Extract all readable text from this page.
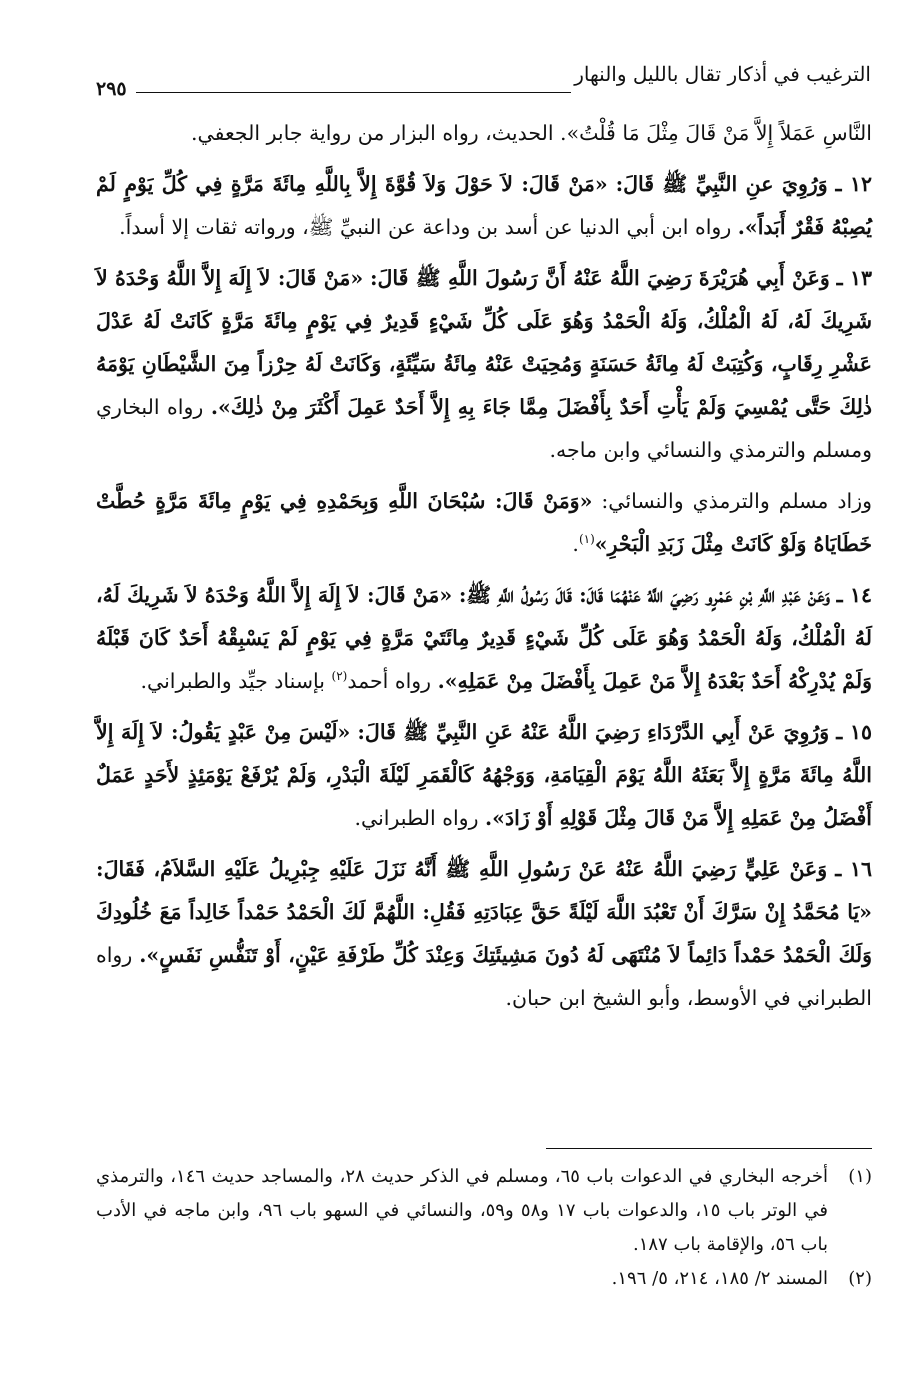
الترغيب في أذكار تقال بالليل والنهار
٢٩٥

النَّاسِ عَمَلاً إِلاَّ مَنْ قَالَ مِثْلَ مَا قُلْتُ». الحديث، رواه البزار من رواية جابر الجعفي.

١٢ ـ وَرُوِيَ عنِ النَّبِيِّ ﷺ قَالَ: «مَنْ قَالَ: لاَ حَوْلَ وَلاَ قُوَّةَ إِلاَّ بِاللَّهِ مِائَةَ مَرَّةٍ فِي كُلِّ يَوْمٍ لَمْ يُصِبْهُ فَقْرٌ أَبَداً». رواه ابن أبي الدنيا عن أسد بن وداعة عن النبيِّ ﷺ، ورواته ثقات إلا أسداً.

١٣ ـ وَعَنْ أَبِي هُرَيْرَةَ رَضِيَ اللَّهُ عَنْهُ أَنَّ رَسُولَ اللَّهِ ﷺ قَالَ: «مَنْ قَالَ: لاَ إِلَهَ إِلاَّ اللَّهُ وَحْدَهُ لاَ شَرِيكَ لَهُ، لَهُ الْمُلْكُ، وَلَهُ الْحَمْدُ وَهُوَ عَلَى كُلِّ شَيْءٍ قَدِيرٌ فِي يَوْمٍ مِائَةَ مَرَّةٍ كَانَتْ لَهُ عَدْلَ عَشْرِ رِقَابٍ، وَكُتِبَتْ لَهُ مِائَةُ حَسَنَةٍ وَمُحِيَتْ عَنْهُ مِائَةُ سَيِّئَةٍ، وَكَانَتْ لَهُ حِرْزاً مِنَ الشَّيْطَانِ يَوْمَهُ ذٰلِكَ حَتَّى يُمْسِيَ وَلَمْ يَأْتِ أَحَدٌ بِأَفْضَلَ مِمَّا جَاءَ بِهِ إِلاَّ أَحَدٌ عَمِلَ أَكْثَرَ مِنْ ذٰلِكَ». رواه البخاري ومسلم والترمذي والنسائي وابن ماجه.

وزاد مسلم والترمذي والنسائي: «وَمَنْ قَالَ: سُبْحَانَ اللَّهِ وَبِحَمْدِهِ فِي يَوْمٍ مِائَةَ مَرَّةٍ حُطَّتْ خَطَايَاهُ وَلَوْ كَانَتْ مِثْلَ زَبَدِ الْبَحْرِ»$^{(١)}$.

١٤ ـ وَعَنْ عَبْدِ اللَّهِ بْنِ عَمْرٍو رَضِيَ اللَّهُ عَنْهُمَا قَالَ: قَالَ رَسُولُ اللَّهِ ﷺ: «مَنْ قَالَ: لاَ إِلَهَ إِلاَّ اللَّهُ وَحْدَهُ لاَ شَرِيكَ لَهُ، لَهُ الْمُلْكُ، وَلَهُ الْحَمْدُ وَهُوَ عَلَى كُلِّ شَيْءٍ قَدِيرٌ مِائَتَيْ مَرَّةٍ فِي يَوْمٍ لَمْ يَسْبِقْهُ أَحَدٌ كَانَ قَبْلَهُ وَلَمْ يُدْرِكْهُ أَحَدٌ بَعْدَهُ إِلاَّ مَنْ عَمِلَ بِأَفْضَلَ مِنْ عَمَلِهِ». رواه أحمد$^{(٢)}$ بإسناد جيِّد والطبراني.

١٥ ـ وَرُوِيَ عَنْ أَبِي الدَّرْدَاءِ رَضِيَ اللَّهُ عَنْهُ عَنِ النَّبِيِّ ﷺ قَالَ: «لَيْسَ مِنْ عَبْدٍ يَقُولُ: لاَ إِلَهَ إِلاَّ اللَّهُ مِائَةَ مَرَّةٍ إِلاَّ بَعَثَهُ اللَّهُ يَوْمَ الْقِيَامَةِ، وَوَجْهُهُ كَالْقَمَرِ لَيْلَةَ الْبَدْرِ، وَلَمْ يُرْفَعْ يَوْمَئِذٍ لأَحَدٍ عَمَلٌ أَفْضَلُ مِنْ عَمَلِهِ إِلاَّ مَنْ قَالَ مِثْلَ قَوْلِهِ أَوْ زَادَ». رواه الطبراني.

١٦ ـ وَعَنْ عَلِيٍّ رَضِيَ اللَّهُ عَنْهُ عَنْ رَسُولِ اللَّهِ ﷺ أَنَّهُ نَزَلَ عَلَيْهِ جِبْرِيلُ عَلَيْهِ السَّلاَمُ، فَقَالَ: «يَا مُحَمَّدُ إِنْ سَرَّكَ أَنْ تَعْبُدَ اللَّهَ لَيْلَةً حَقَّ عِبَادَتِهِ فَقُلِ: اللَّهُمَّ لَكَ الْحَمْدُ حَمْداً خَالِداً مَعَ خُلُودِكَ وَلَكَ الْحَمْدُ حَمْداً دَائِماً لاَ مُنْتَهَى لَهُ دُونَ مَشِيئَتِكَ وَعِنْدَ كُلِّ طَرْفَةِ عَيْنٍ، أَوْ تَنَفُّسِ نَفَسٍ». رواه الطبراني في الأوسط، وأبو الشيخ ابن حبان.

(١)
أخرجه البخاري في الدعوات باب ٦٥، ومسلم في الذكر حديث ٢٨، والمساجد حديث ١٤٦، والترمذي في الوتر باب ١٥، والدعوات باب ١٧ و٥٨ و٥٩، والنسائي في السهو باب ٩٦، وابن ماجه في الأدب باب ٥٦، والإقامة باب ١٨٧.
(٢)
المسند ٢/ ١٨٥، ٢١٤، ٥/ ١٩٦.
